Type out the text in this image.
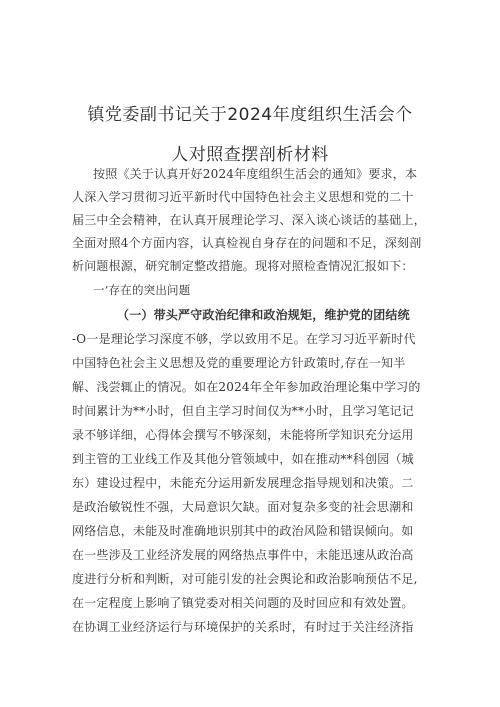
镇党委副书记关于2024年度组织生活会个
人对照查摆剖析材料
按照《关于认真开好2024年度组织生活会的通知》要求，本
人深入学习贯彻习近平新时代中国特色社会主义思想和党的二十
届三中全会精神，在认真开展理论学习、深入谈心谈话的基础上，
全面对照4个方面内容，认真检视自身存在的问题和不足，深刻剖
析问题根源，研究制定整改措施。现将对照检查情况汇报如下：
一’存在的突出问题
（一）带头严守政治纪律和政治规矩，维护党的团结统
-O一是理论学习深度不够，学以致用不足。在学习习近平新时代
中国特色社会主义思想及党的重要理论方针政策时,存在一知半
解、浅尝辄止的情况。如在2024年全年参加政治理论集中学习的
时间累计为**小时，但自主学习时间仅为**小时，且学习笔记记
录不够详细，心得体会撰写不够深刻，未能将所学知识充分运用
到主管的工业线工作及其他分管领域中，如在推动**科创园（城
东）建设过程中，未能充分运用新发展理念指导规划和决策。二
是政治敏锐性不强，大局意识欠缺。面对复杂多变的社会思潮和
网络信息，未能及时准确地识别其中的政治风险和错误倾向。如
在一些涉及工业经济发展的网络热点事件中，未能迅速从政治高
度进行分析和判断，对可能引发的社会舆论和政治影响预估不足,
在一定程度上影响了镇党委对相关问题的及时回应和有效处置。
在协调工业经济运行与环境保护的关系时，有时过于关注经济指
